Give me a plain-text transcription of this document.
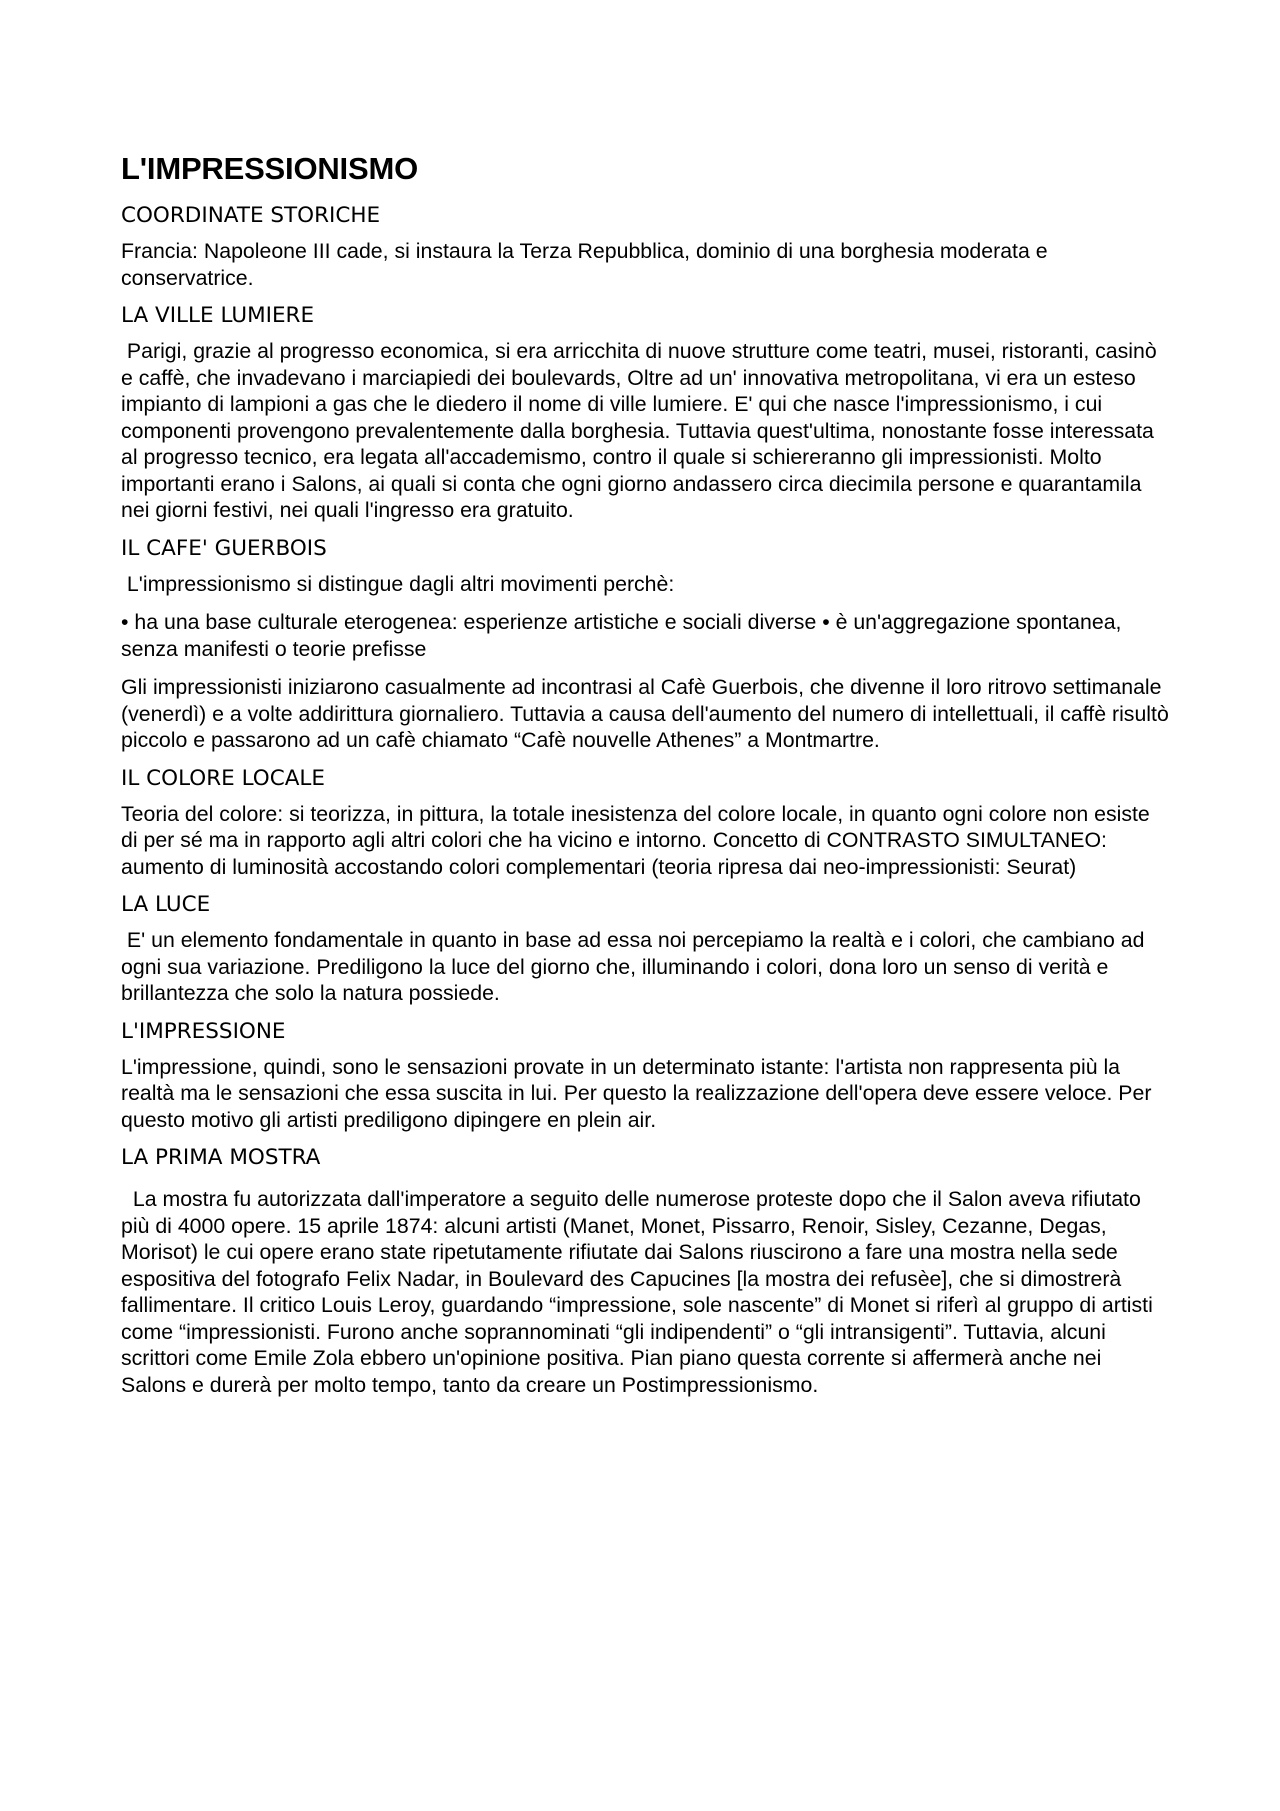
L'IMPRESSIONISMO
COORDINATE STORICHE

Francia: Napoleone III cade, si instaura la Terza Repubblica, dominio di una borghesia moderata e conservatrice.

LA VILLE LUMIERE

Parigi, grazie al progresso economica, si era arricchita di nuove strutture come teatri, musei, ristoranti, casinò e caffè, che invadevano i marciapiedi dei boulevards, Oltre ad un' innovativa metropolitana, vi era un esteso impianto di lampioni a gas che le diedero il nome di ville lumiere. E' qui che nasce l'impressionismo, i cui componenti provengono prevalentemente dalla borghesia. Tuttavia quest'ultima, nonostante fosse interessata al progresso tecnico, era legata all'accademismo, contro il quale si schiereranno gli impressionisti. Molto importanti erano i Salons, ai quali si conta che ogni giorno andassero circa diecimila persone e quarantamila nei giorni festivi, nei quali l'ingresso era gratuito.

IL CAFE' GUERBOIS

L'impressionismo si distingue dagli altri movimenti perchè:

• ha una base culturale eterogenea: esperienze artistiche e sociali diverse • è un'aggregazione spontanea, senza manifesti o teorie prefisse

Gli impressionisti iniziarono casualmente ad incontrasi al Cafè Guerbois, che divenne il loro ritrovo settimanale (venerdì) e a volte addirittura giornaliero. Tuttavia a causa dell'aumento del numero di intellettuali, il caffè risultò piccolo e passarono ad un cafè chiamato “Cafè nouvelle Athenes” a Montmartre.

IL COLORE LOCALE

Teoria del colore: si teorizza, in pittura, la totale inesistenza del colore locale, in quanto ogni colore non esiste di per sé ma in rapporto agli altri colori che ha vicino e intorno. Concetto di CONTRASTO SIMULTANEO: aumento di luminosità accostando colori complementari (teoria ripresa dai neo-impressionisti: Seurat)

LA LUCE

E' un elemento fondamentale in quanto in base ad essa noi percepiamo la realtà e i colori, che cambiano ad ogni sua variazione. Prediligono la luce del giorno che, illuminando i colori, dona loro un senso di verità e brillantezza che solo la natura possiede.

L'IMPRESSIONE

L'impressione, quindi, sono le sensazioni provate in un determinato istante: l'artista non rappresenta più la realtà ma le sensazioni che essa suscita in lui. Per questo la realizzazione dell'opera deve essere veloce. Per questo motivo gli artisti prediligono dipingere en plein air.

LA PRIMA MOSTRA

La mostra fu autorizzata dall'imperatore a seguito delle numerose proteste dopo che il Salon aveva rifiutato più di 4000 opere. 15 aprile 1874: alcuni artisti (Manet, Monet, Pissarro, Renoir, Sisley, Cezanne, Degas, Morisot) le cui opere erano state ripetutamente rifiutate dai Salons riuscirono a fare una mostra nella sede espositiva del fotografo Felix Nadar, in Boulevard des Capucines [la mostra dei refusèe], che si dimostrerà fallimentare. Il critico Louis Leroy, guardando “impressione, sole nascente” di Monet si riferì al gruppo di artisti come “impressionisti. Furono anche soprannominati “gli indipendenti” o “gli intransigenti”. Tuttavia, alcuni scrittori come Emile Zola ebbero un'opinione positiva. Pian piano questa corrente si affermerà anche nei Salons e durerà per molto tempo, tanto da creare un Postimpressionismo.
